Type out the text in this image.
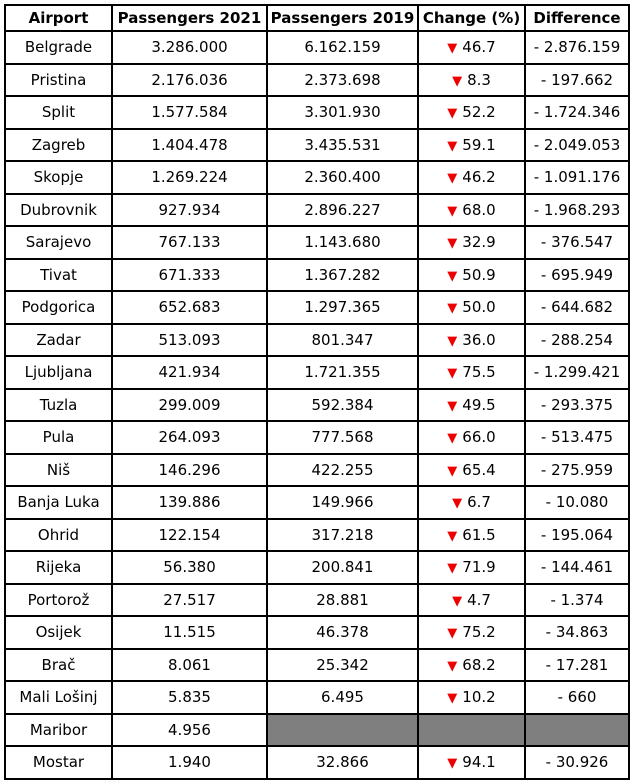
Airport	Passengers 2021	Passengers 2019	Change (%)	Difference
Belgrade	3.286.000	6.162.159	▼ 46.7	- 2.876.159
Pristina	2.176.036	2.373.698	▼ 8.3	- 197.662
Split	1.577.584	3.301.930	▼ 52.2	- 1.724.346
Zagreb	1.404.478	3.435.531	▼ 59.1	- 2.049.053
Skopje	1.269.224	2.360.400	▼ 46.2	- 1.091.176
Dubrovnik	927.934	2.896.227	▼ 68.0	- 1.968.293
Sarajevo	767.133	1.143.680	▼ 32.9	- 376.547
Tivat	671.333	1.367.282	▼ 50.9	- 695.949
Podgorica	652.683	1.297.365	▼ 50.0	- 644.682
Zadar	513.093	801.347	▼ 36.0	- 288.254
Ljubljana	421.934	1.721.355	▼ 75.5	- 1.299.421
Tuzla	299.009	592.384	▼ 49.5	- 293.375
Pula	264.093	777.568	▼ 66.0	- 513.475
Niš	146.296	422.255	▼ 65.4	- 275.959
Banja Luka	139.886	149.966	▼ 6.7	- 10.080
Ohrid	122.154	317.218	▼ 61.5	- 195.064
Rijeka	56.380	200.841	▼ 71.9	- 144.461
Portorož	27.517	28.881	▼ 4.7	- 1.374
Osijek	11.515	46.378	▼ 75.2	- 34.863
Brač	8.061	25.342	▼ 68.2	- 17.281
Mali Lošinj	5.835	6.495	▼ 10.2	- 660
Maribor	4.956			
Mostar	1.940	32.866	▼ 94.1	- 30.926
